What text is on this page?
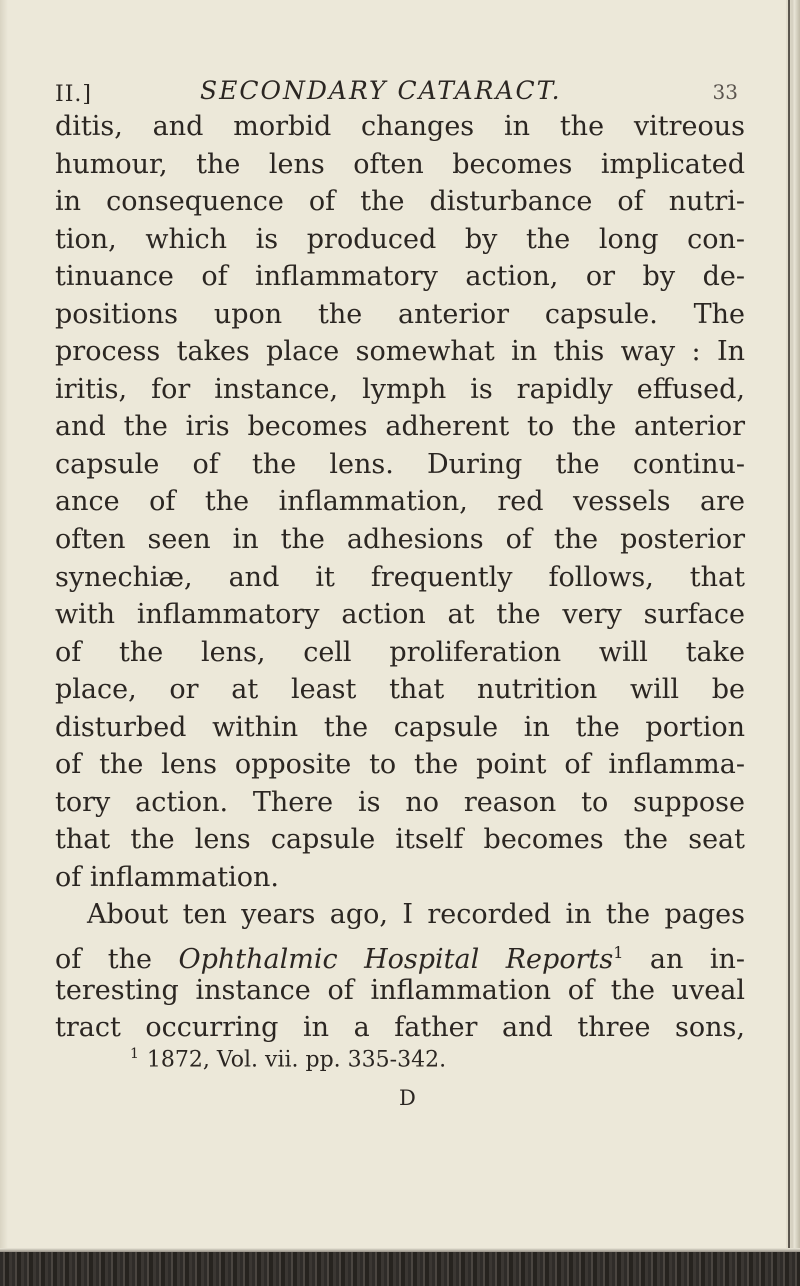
II.]	SECONDARY CATARACT.	33
ditis, and morbid changes in the vitreous
humour, the lens often becomes implicated
in consequence of the disturbance of nutri-
tion, which is produced by the long con-
tinuance of inflammatory action, or by de-
positions upon the anterior capsule. The
process takes place somewhat in this way : In
iritis, for instance, lymph is rapidly effused,
and the iris becomes adherent to the anterior
capsule of the lens. During the continu-
ance of the inflammation, red vessels are
often seen in the adhesions of the posterior
synechiæ, and it frequently follows, that
with inflammatory action at the very surface
of the lens, cell proliferation will take
place, or at least that nutrition will be
disturbed within the capsule in the portion
of the lens opposite to the point of inflamma-
tory action. There is no reason to suppose
that the lens capsule itself becomes the seat
of inflammation.
About ten years ago, I recorded in the pages
of the Ophthalmic Hospital Reports$^1$ an in-
teresting instance of inflammation of the uveal
tract occurring in a father and three sons,
$^1$ 1872, Vol. vii. pp. 335-342.
D
